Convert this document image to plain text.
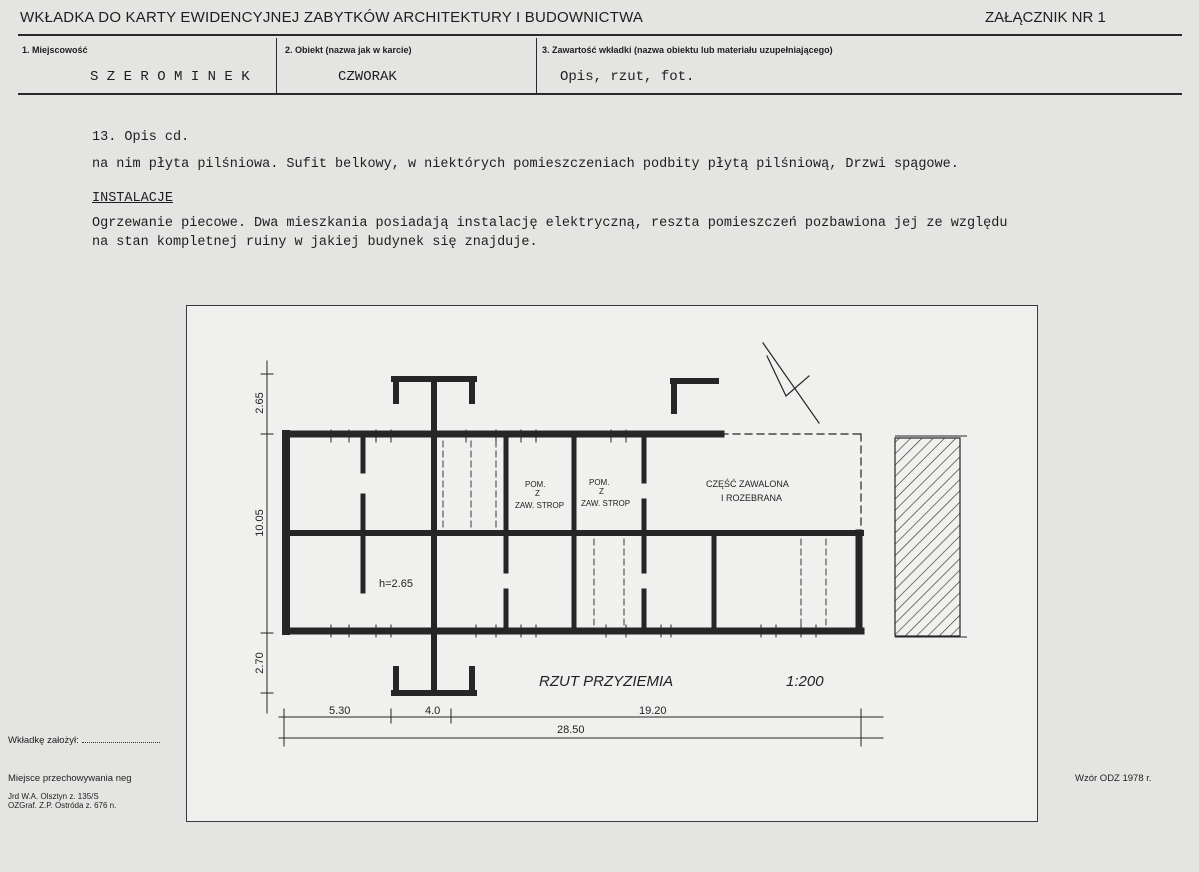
WKŁADKA DO KARTY EWIDENCYJNEJ ZABYTKÓW ARCHITEKTURY I BUDOWNICTWA	ZAŁĄCZNIK NR 1
1. Miejscowość
S Z E R O M I N E K
2. Obiekt (nazwa jak w karcie)
CZWORAK
3. Zawartość wkładki (nazwa obiektu lub materiału uzupełniającego)
Opis, rzut, fot.
13. Opis cd.
na nim płyta pilśniowa. Sufit belkowy, w niektórych pomieszczeniach podbity płytą pilśniową, Drzwi spągowe.
INSTALACJE
Ogrzewanie piecowe. Dwa mieszkania posiadają instalację elektryczną, reszta pomieszczeń pozbawiona jej ze względu
na stan kompletnej ruiny w jakiej budynek się znajduje.
POM.
Z
ZAW. STROP
POM.
Z
ZAW. STROP
CZĘŚĆ ZAWALONA
I ROZEBRANA
h=2.65
RZUT PRZYZIEMIA	1:200
5.30	4.0	19.20
28.50
2.65
10.05
2.70
Wkładkę założył:
Miejsce przechowywania neg
Jrd W.A. Olsztyn z. 135/S
OZGraf. Z.P. Ostróda z. 676 n.
Wzór ODZ 1978 r.
